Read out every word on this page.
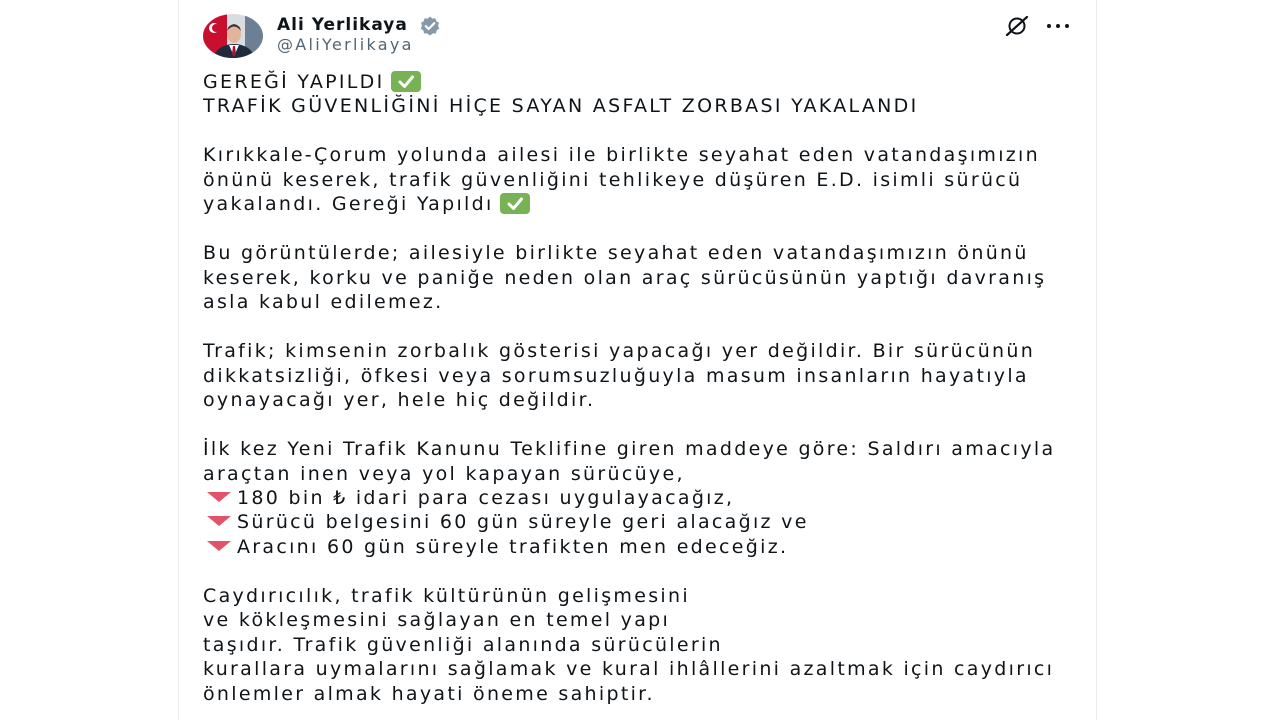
Ali Yerlikaya
@AliYerlikaya
GEREĞİ YAPILDI
TRAFİK GÜVENLİĞİNİ HİÇE SAYAN ASFALT ZORBASI YAKALANDI
Kırıkkale-Çorum yolunda ailesi ile birlikte seyahat eden vatandaşımızın
önünü keserek, trafik güvenliğini tehlikeye düşüren E.D. isimli sürücü
yakalandı. Gereği Yapıldı
Bu görüntülerde; ailesiyle birlikte seyahat eden vatandaşımızın önünü
keserek, korku ve paniğe neden olan araç sürücüsünün yaptığı davranış
asla kabul edilemez.
Trafik; kimsenin zorbalık gösterisi yapacağı yer değildir. Bir sürücünün
dikkatsizliği, öfkesi veya sorumsuzluğuyla masum insanların hayatıyla
oynayacağı yer, hele hiç değildir.
İlk kez Yeni Trafik Kanunu Teklifine giren maddeye göre: Saldırı amacıyla
araçtan inen veya yol kapayan sürücüye,
180 bin ₺ idari para cezası uygulayacağız,
Sürücü belgesini 60 gün süreyle geri alacağız ve
Aracını 60 gün süreyle trafikten men edeceğiz.
Caydırıcılık, trafik kültürünün gelişmesini
ve kökleşmesini sağlayan en temel yapı
taşıdır. Trafik güvenliği alanında sürücülerin
kurallara uymalarını sağlamak ve kural ihlâllerini azaltmak için caydırıcı
önlemler almak hayati öneme sahiptir.
